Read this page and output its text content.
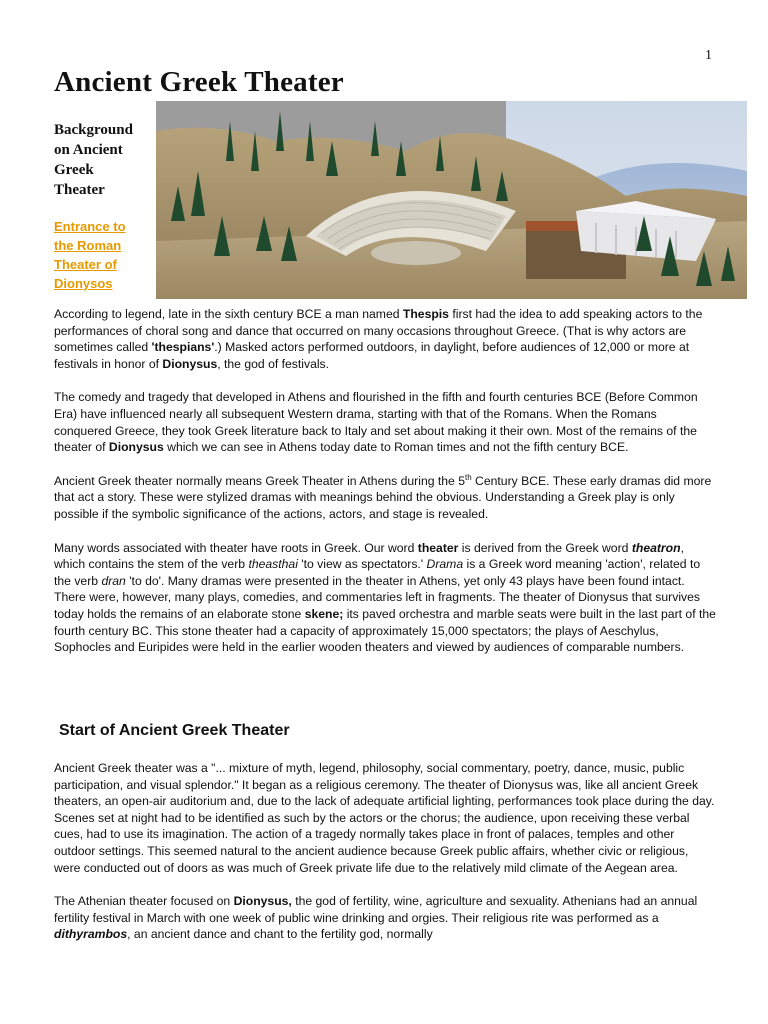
1
Ancient Greek Theater

Background
on Ancient
Greek
Theater

Entrance to
the Roman
Theater of
Dionysos

According to legend, late in the sixth century BCE a man named Thespis first had the idea to add speaking actors to the performances of choral song and dance that occurred on many occasions throughout Greece. (That is why actors are sometimes called 'thespians'.) Masked actors performed outdoors, in daylight, before audiences of 12,000 or more at festivals in honor of Dionysus, the god of festivals.

The comedy and tragedy that developed in Athens and flourished in the fifth and fourth centuries BCE (Before Common Era) have influenced nearly all subsequent Western drama, starting with that of the Romans. When the Romans conquered Greece, they took Greek literature back to Italy and set about making it their own. Most of the remains of the theater of Dionysus which we can see in Athens today date to Roman times and not the fifth century BCE.

Ancient Greek theater normally means Greek Theater in Athens during the 5th Century BCE. These early dramas did more that act a story. These were stylized dramas with meanings behind the obvious. Understanding a Greek play is only possible if the symbolic significance of the actions, actors, and stage is revealed.

Many words associated with theater have roots in Greek. Our word theater is derived from the Greek word theatron, which contains the stem of the verb theasthai 'to view as spectators.' Drama is a Greek word meaning 'action', related to the verb dran 'to do'. Many dramas were presented in the theater in Athens, yet only 43 plays have been found intact. There were, however, many plays, comedies, and commentaries left in fragments. The theater of Dionysus that survives today holds the remains of an elaborate stone skene; its paved orchestra and marble seats were built in the last part of the fourth century BC. This stone theater had a capacity of approximately 15,000 spectators; the plays of Aeschylus, Sophocles and Euripides were held in the earlier wooden theaters and viewed by audiences of comparable numbers.

Start of Ancient Greek Theater

Ancient Greek theater was a "... mixture of myth, legend, philosophy, social commentary, poetry, dance, music, public participation, and visual splendor." It began as a religious ceremony. The theater of Dionysus was, like all ancient Greek theaters, an open-air auditorium and, due to the lack of adequate artificial lighting, performances took place during the day. Scenes set at night had to be identified as such by the actors or the chorus; the audience, upon receiving these verbal cues, had to use its imagination. The action of a tragedy normally takes place in front of palaces, temples and other outdoor settings. This seemed natural to the ancient audience because Greek public affairs, whether civic or religious, were conducted out of doors as was much of Greek private life due to the relatively mild climate of the Aegean area.

The Athenian theater focused on Dionysus, the god of fertility, wine, agriculture and sexuality. Athenians had an annual fertility festival in March with one week of public wine drinking and orgies. Their religious rite was performed as a dithyrambos, an ancient dance and chant to the fertility god, normally
